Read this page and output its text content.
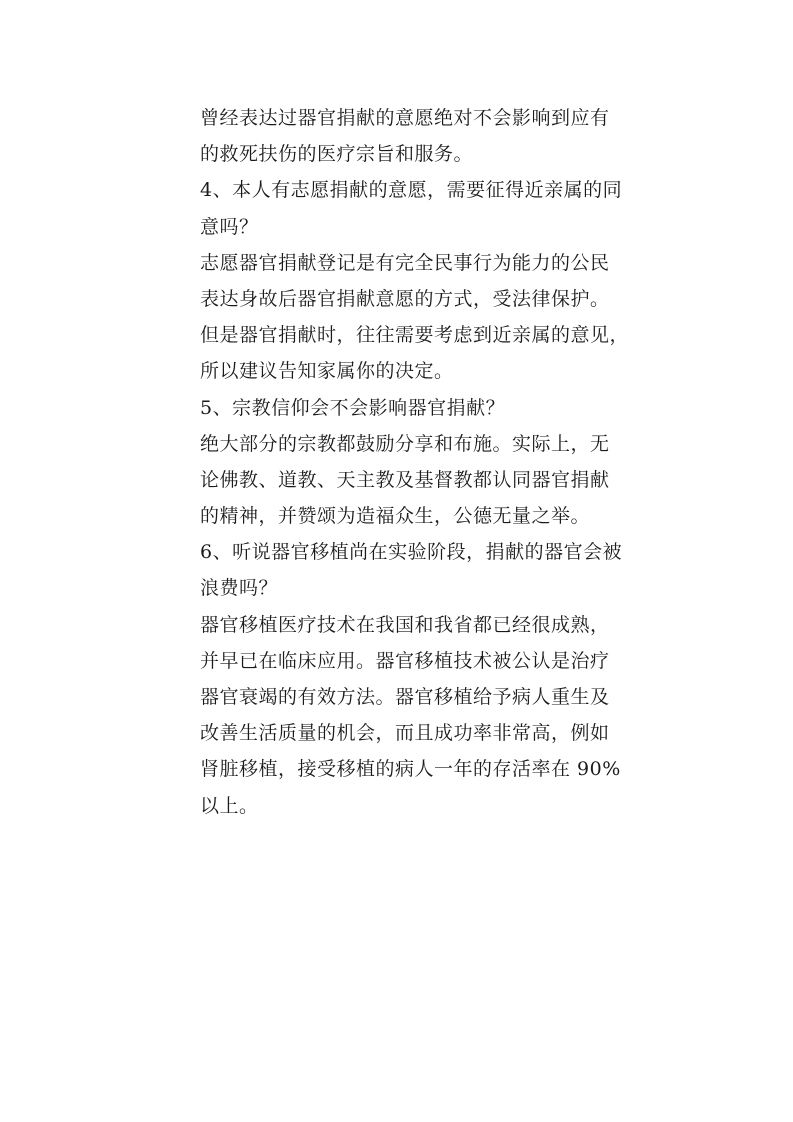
曾经表达过器官捐献的意愿绝对不会影响到应有
的救死扶伤的医疗宗旨和服务。
4、本人有志愿捐献的意愿，需要征得近亲属的同
意吗？
志愿器官捐献登记是有完全民事行为能力的公民
表达身故后器官捐献意愿的方式，受法律保护。
但是器官捐献时，往往需要考虑到近亲属的意见，
所以建议告知家属你的决定。
5、宗教信仰会不会影响器官捐献？
绝大部分的宗教都鼓励分享和布施。实际上，无
论佛教、道教、天主教及基督教都认同器官捐献
的精神，并赞颂为造福众生，公德无量之举。
6、听说器官移植尚在实验阶段，捐献的器官会被
浪费吗？
器官移植医疗技术在我国和我省都已经很成熟，
并早已在临床应用。器官移植技术被公认是治疗
器官衰竭的有效方法。器官移植给予病人重生及
改善生活质量的机会，而且成功率非常高，例如
肾脏移植，接受移植的病人一年的存活率在 90%
以上。
